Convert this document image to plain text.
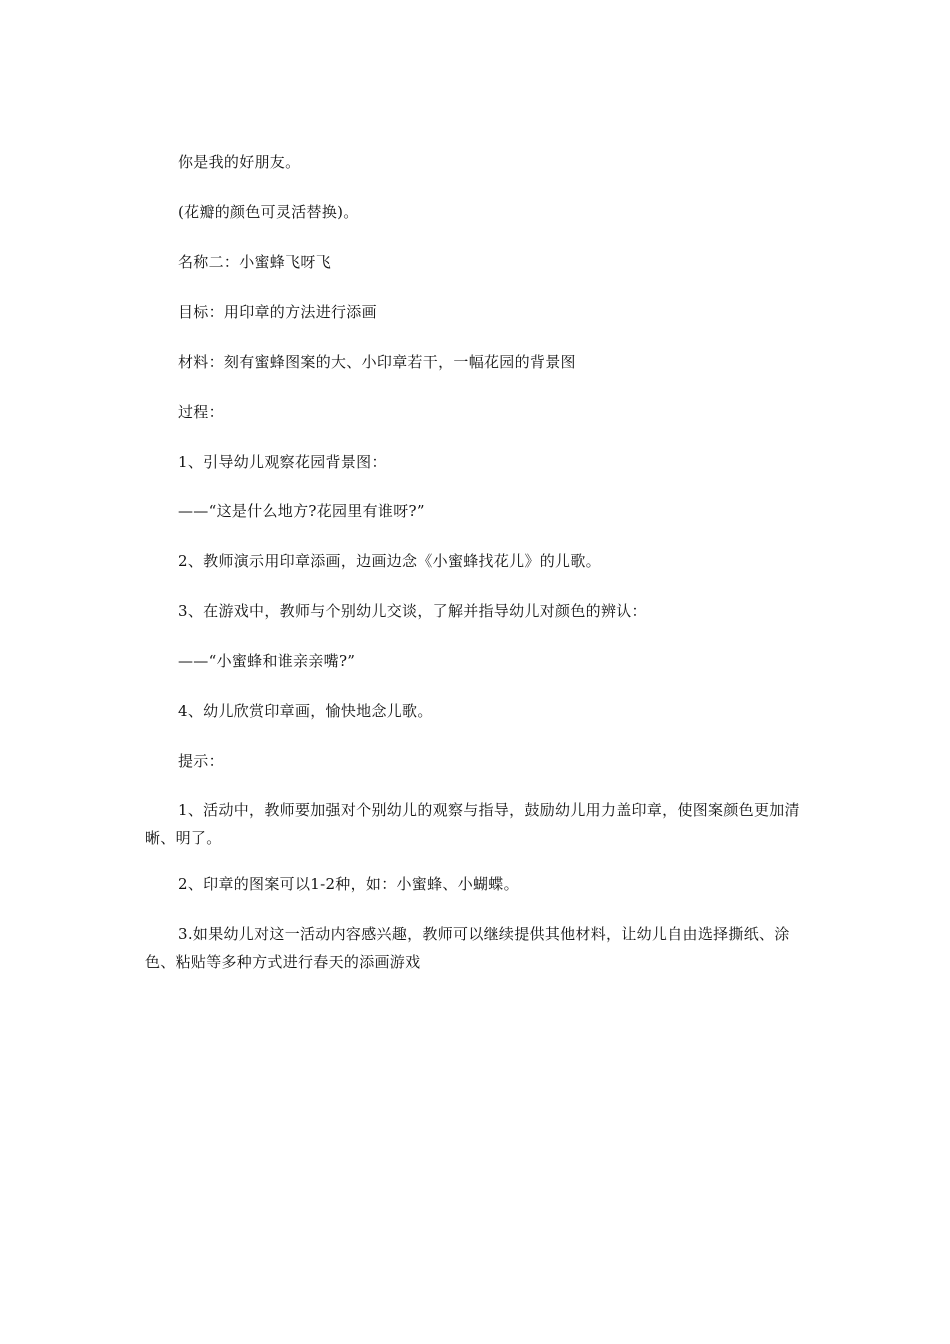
你是我的好朋友。
(花瓣的颜色可灵活替换)。
名称二：小蜜蜂飞呀飞
目标：用印章的方法进行添画
材料：刻有蜜蜂图案的大、小印章若干，一幅花园的背景图
过程：
1、引导幼儿观察花园背景图：
——“这是什么地方?花园里有谁呀?”
2、教师演示用印章添画，边画边念《小蜜蜂找花儿》的儿歌。
3、在游戏中，教师与个别幼儿交谈，了解并指导幼儿对颜色的辨认：
——“小蜜蜂和谁亲亲嘴?”
4、幼儿欣赏印章画，愉快地念儿歌。
提示：
1、活动中，教师要加强对个别幼儿的观察与指导，鼓励幼儿用力盖印章，使图案颜色更加清晰、明了。
2、印章的图案可以1-2种，如：小蜜蜂、小蝴蝶。
3.如果幼儿对这一活动内容感兴趣，教师可以继续提供其他材料，让幼儿自由选择撕纸、涂色、粘贴等多种方式进行春天的添画游戏
